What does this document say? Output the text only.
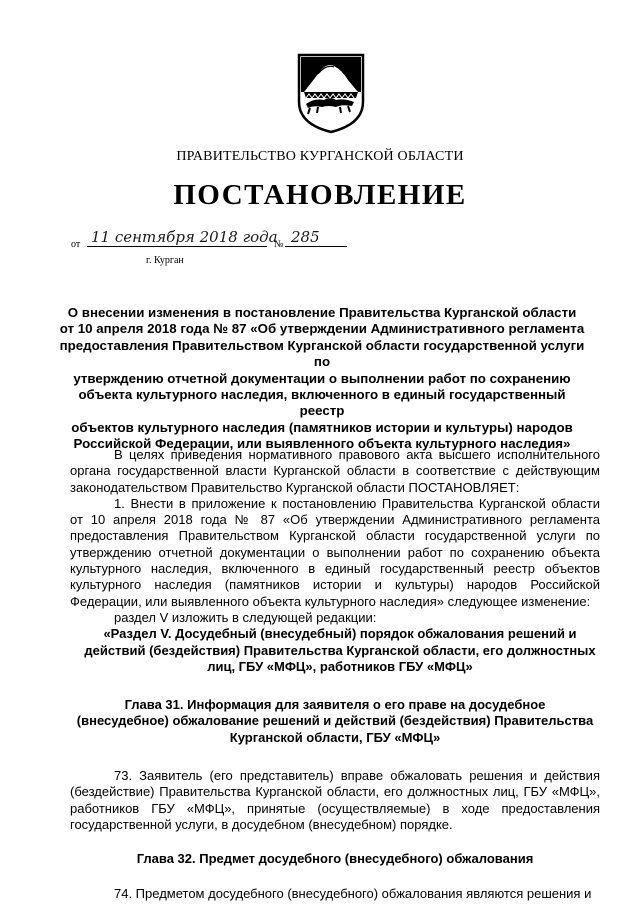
ПРАВИТЕЛЬСТВО КУРГАНСКОЙ ОБЛАСТИ
ПОСТАНОВЛЕНИЕ
от 11 сентября 2018 года
№ 285
г. Курган
О внесении изменения в постановление Правительства Курганской области
от 10 апреля 2018 года № 87 «Об утверждении Административного регламента
предоставления Правительством Курганской области государственной услуги по
утверждению отчетной документации о выполнении работ по сохранению
объекта культурного наследия, включенного в единый государственный реестр
объектов культурного наследия (памятников истории и культуры) народов
Российской Федерации, или выявленного объекта культурного наследия»

В целях приведения нормативного правового акта высшего исполнительного органа государственной власти Курганской области в соответствие с действующим законодательством Правительство Курганской области ПОСТАНОВЛЯЕТ:

1. Внести в приложение к постановлению Правительства Курганской области от 10 апреля 2018 года № 87 «Об утверждении Административного регламента предоставления Правительством Курганской области государственной услуги по утверждению отчетной документации о выполнении работ по сохранению объекта культурного наследия, включенного в единый государственный реестр объектов культурного наследия (памятников истории и культуры) народов Российской Федерации, или выявленного объекта культурного наследия» следующее изменение:

раздел V изложить в следующей редакции:

«Раздел V. Досудебный (внесудебный) порядок обжалования решений и
действий (бездействия) Правительства Курганской области, его должностных
лиц, ГБУ «МФЦ», работников ГБУ «МФЦ»
Глава 31. Информация для заявителя о его праве на досудебное
(внесудебное) обжалование решений и действий (бездействия) Правительства
Курганской области, ГБУ «МФЦ»

73. Заявитель (его представитель) вправе обжаловать решения и действия (бездействие) Правительства Курганской области, его должностных лиц, ГБУ «МФЦ», работников ГБУ «МФЦ», принятые (осуществляемые) в ходе предоставления государственной услуги, в досудебном (внесудебном) порядке.

Глава 32. Предмет досудебного (внесудебного) обжалования

74. Предметом досудебного (внесудебного) обжалования являются решения и
